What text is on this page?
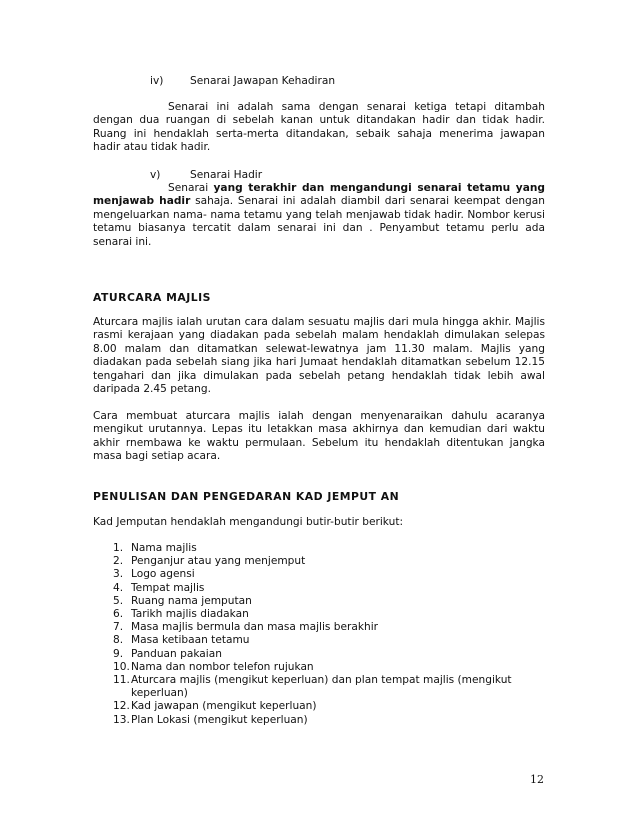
iv)	Senarai Jawapan Kehadiran
Senarai ini adalah sama dengan senarai ketiga tetapi ditambah dengan dua ruangan di sebelah kanan untuk ditandakan hadir dan tidak hadir. Ruang ini hendaklah serta-merta ditandakan, sebaik sahaja menerima jawapan hadir atau tidak hadir.
v)	Senarai Hadir
Senarai yang terakhir dan mengandungi senarai tetamu yang menjawab hadir sahaja. Senarai ini adalah diambil dari senarai keempat dengan mengeluarkan nama- nama tetamu yang telah menjawab tidak hadir. Nombor kerusi tetamu biasanya tercatit dalam senarai ini dan . Penyambut tetamu perlu ada senarai ini.
ATURCARA MAJLIS
Aturcara majlis ialah urutan cara dalam sesuatu majlis dari mula hingga akhir. Majlis rasmi kerajaan yang diadakan pada sebelah malam hendaklah dimulakan selepas 8.00 malam dan ditamatkan selewat-lewatnya jam 11.30 malam. Majlis yang diadakan pada sebelah siang jika hari Jumaat hendaklah ditamatkan sebelum 12.15 tengahari dan jika dimulakan pada sebelah petang hendaklah tidak lebih awal daripada 2.45 petang.
Cara membuat aturcara majlis ialah dengan menyenaraikan dahulu acaranya mengikut urutannya. Lepas itu letakkan masa akhirnya dan kemudian dari waktu akhir rnembawa ke waktu permulaan. Sebelum itu hendaklah ditentukan jangka masa bagi setiap acara.
PENULISAN DAN PENGEDARAN KAD JEMPUT AN
Kad Jemputan hendaklah mengandungi butir-butir berikut:
1. Nama majlis
2. Penganjur atau yang menjemput
3. Logo agensi
4. Tempat majlis
5. Ruang nama jemputan
6. Tarikh majlis diadakan
7. Masa majlis bermula dan masa majlis berakhir
8. Masa ketibaan tetamu
9. Panduan pakaian
10. Nama dan nombor telefon rujukan
11. Aturcara majlis (mengikut keperluan) dan plan tempat majlis (mengikut keperluan)
12. Kad jawapan (mengikut keperluan)
13. Plan Lokasi (mengikut keperluan)
12
